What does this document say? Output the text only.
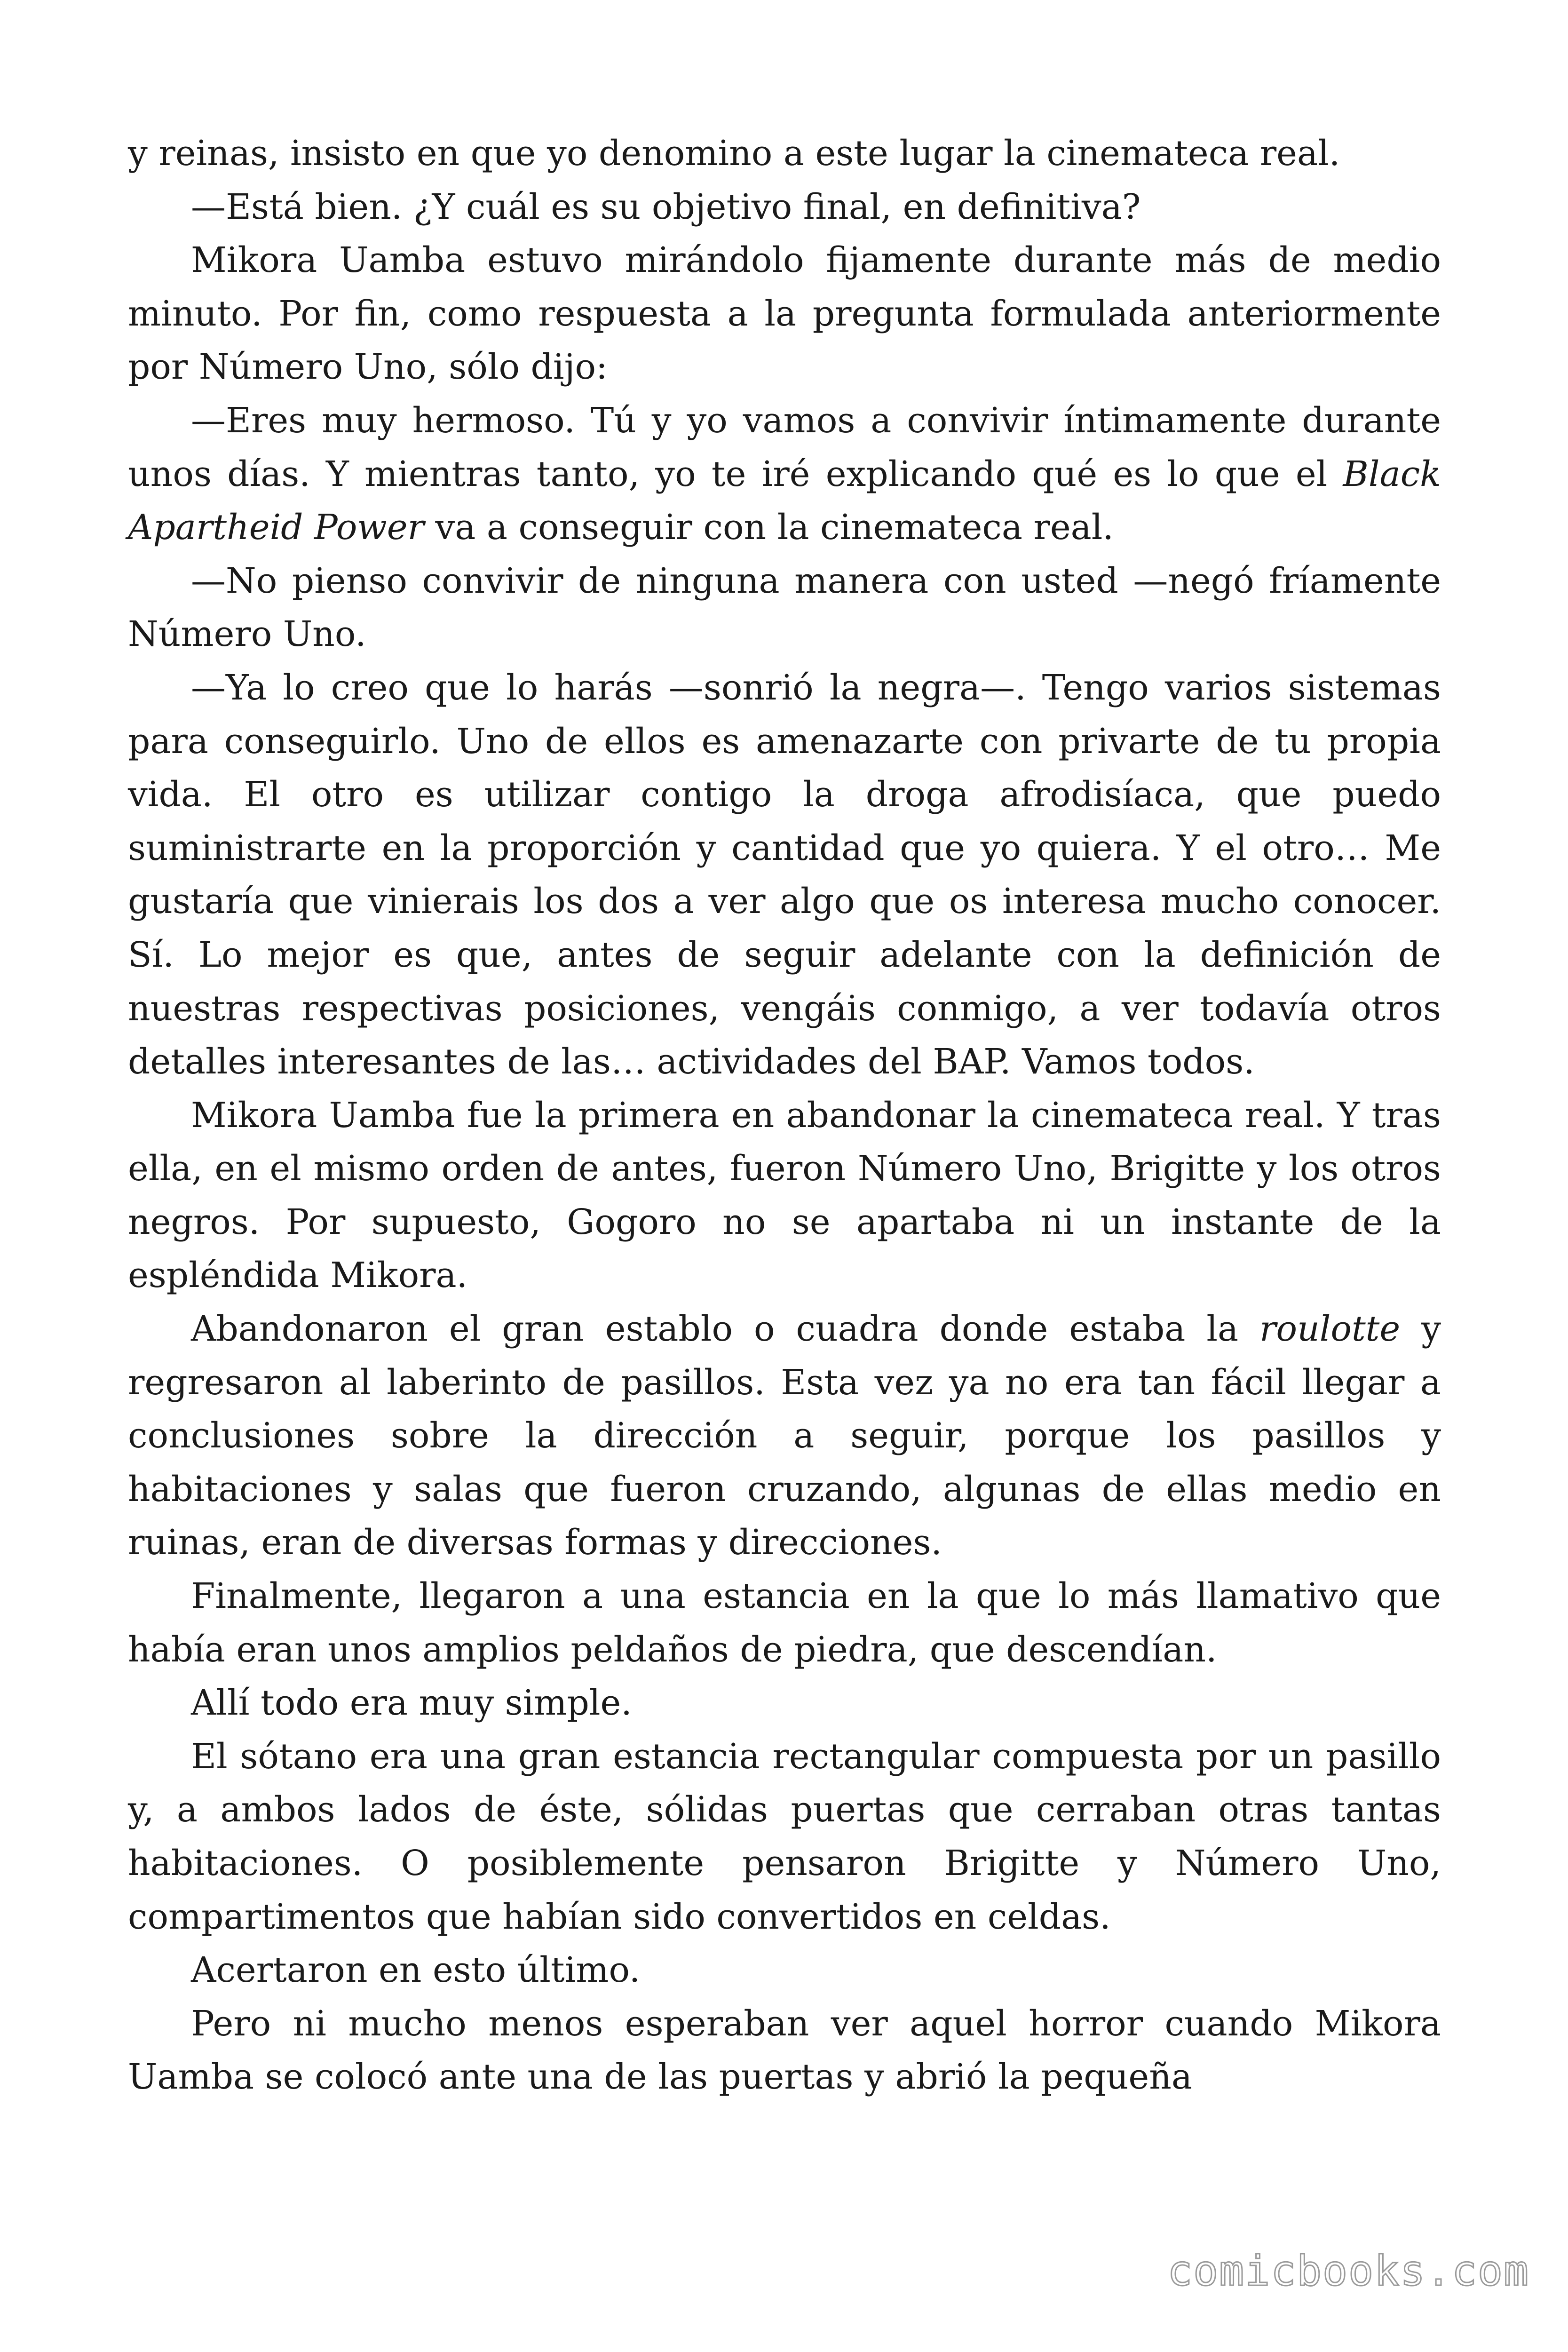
y reinas, insisto en que yo denomino a este lugar la cinemateca real.

—Está bien. ¿Y cuál es su objetivo final, en definitiva?

Mikora Uamba estuvo mirándolo fijamente durante más de medio minuto. Por fin, como respuesta a la pregunta formulada anteriormente por Número Uno, sólo dijo:

—Eres muy hermoso. Tú y yo vamos a convivir íntimamente durante unos días. Y mientras tanto, yo te iré explicando qué es lo que el Black Apartheid Power va a conseguir con la cinemateca real.

—No pienso convivir de ninguna manera con usted —negó fríamente Número Uno.

—Ya lo creo que lo harás —sonrió la negra—. Tengo varios sistemas para conseguirlo. Uno de ellos es amenazarte con privarte de tu propia vida. El otro es utilizar contigo la droga afrodisíaca, que puedo suministrarte en la proporción y cantidad que yo quiera. Y el otro… Me gustaría que vinierais los dos a ver algo que os interesa mucho conocer. Sí. Lo mejor es que, antes de seguir adelante con la definición de nuestras respectivas posiciones, vengáis conmigo, a ver todavía otros detalles interesantes de las… actividades del BAP. Vamos todos.

Mikora Uamba fue la primera en abandonar la cinemateca real. Y tras ella, en el mismo orden de antes, fueron Número Uno, Brigitte y los otros negros. Por supuesto, Gogoro no se apartaba ni un instante de la espléndida Mikora.

Abandonaron el gran establo o cuadra donde estaba la roulotte y regresaron al laberinto de pasillos. Esta vez ya no era tan fácil llegar a conclusiones sobre la dirección a seguir, porque los pasillos y habitaciones y salas que fueron cruzando, algunas de ellas medio en ruinas, eran de diversas formas y direcciones.

Finalmente, llegaron a una estancia en la que lo más llamativo que había eran unos amplios peldaños de piedra, que descendían.

Allí todo era muy simple.

El sótano era una gran estancia rectangular compuesta por un pasillo y, a ambos lados de éste, sólidas puertas que cerraban otras tantas habitaciones. O posiblemente pensaron Brigitte y Número Uno, compartimentos que habían sido convertidos en celdas.

Acertaron en esto último.

Pero ni mucho menos esperaban ver aquel horror cuando Mikora Uamba se colocó ante una de las puertas y abrió la pequeña

comicbooks.com
